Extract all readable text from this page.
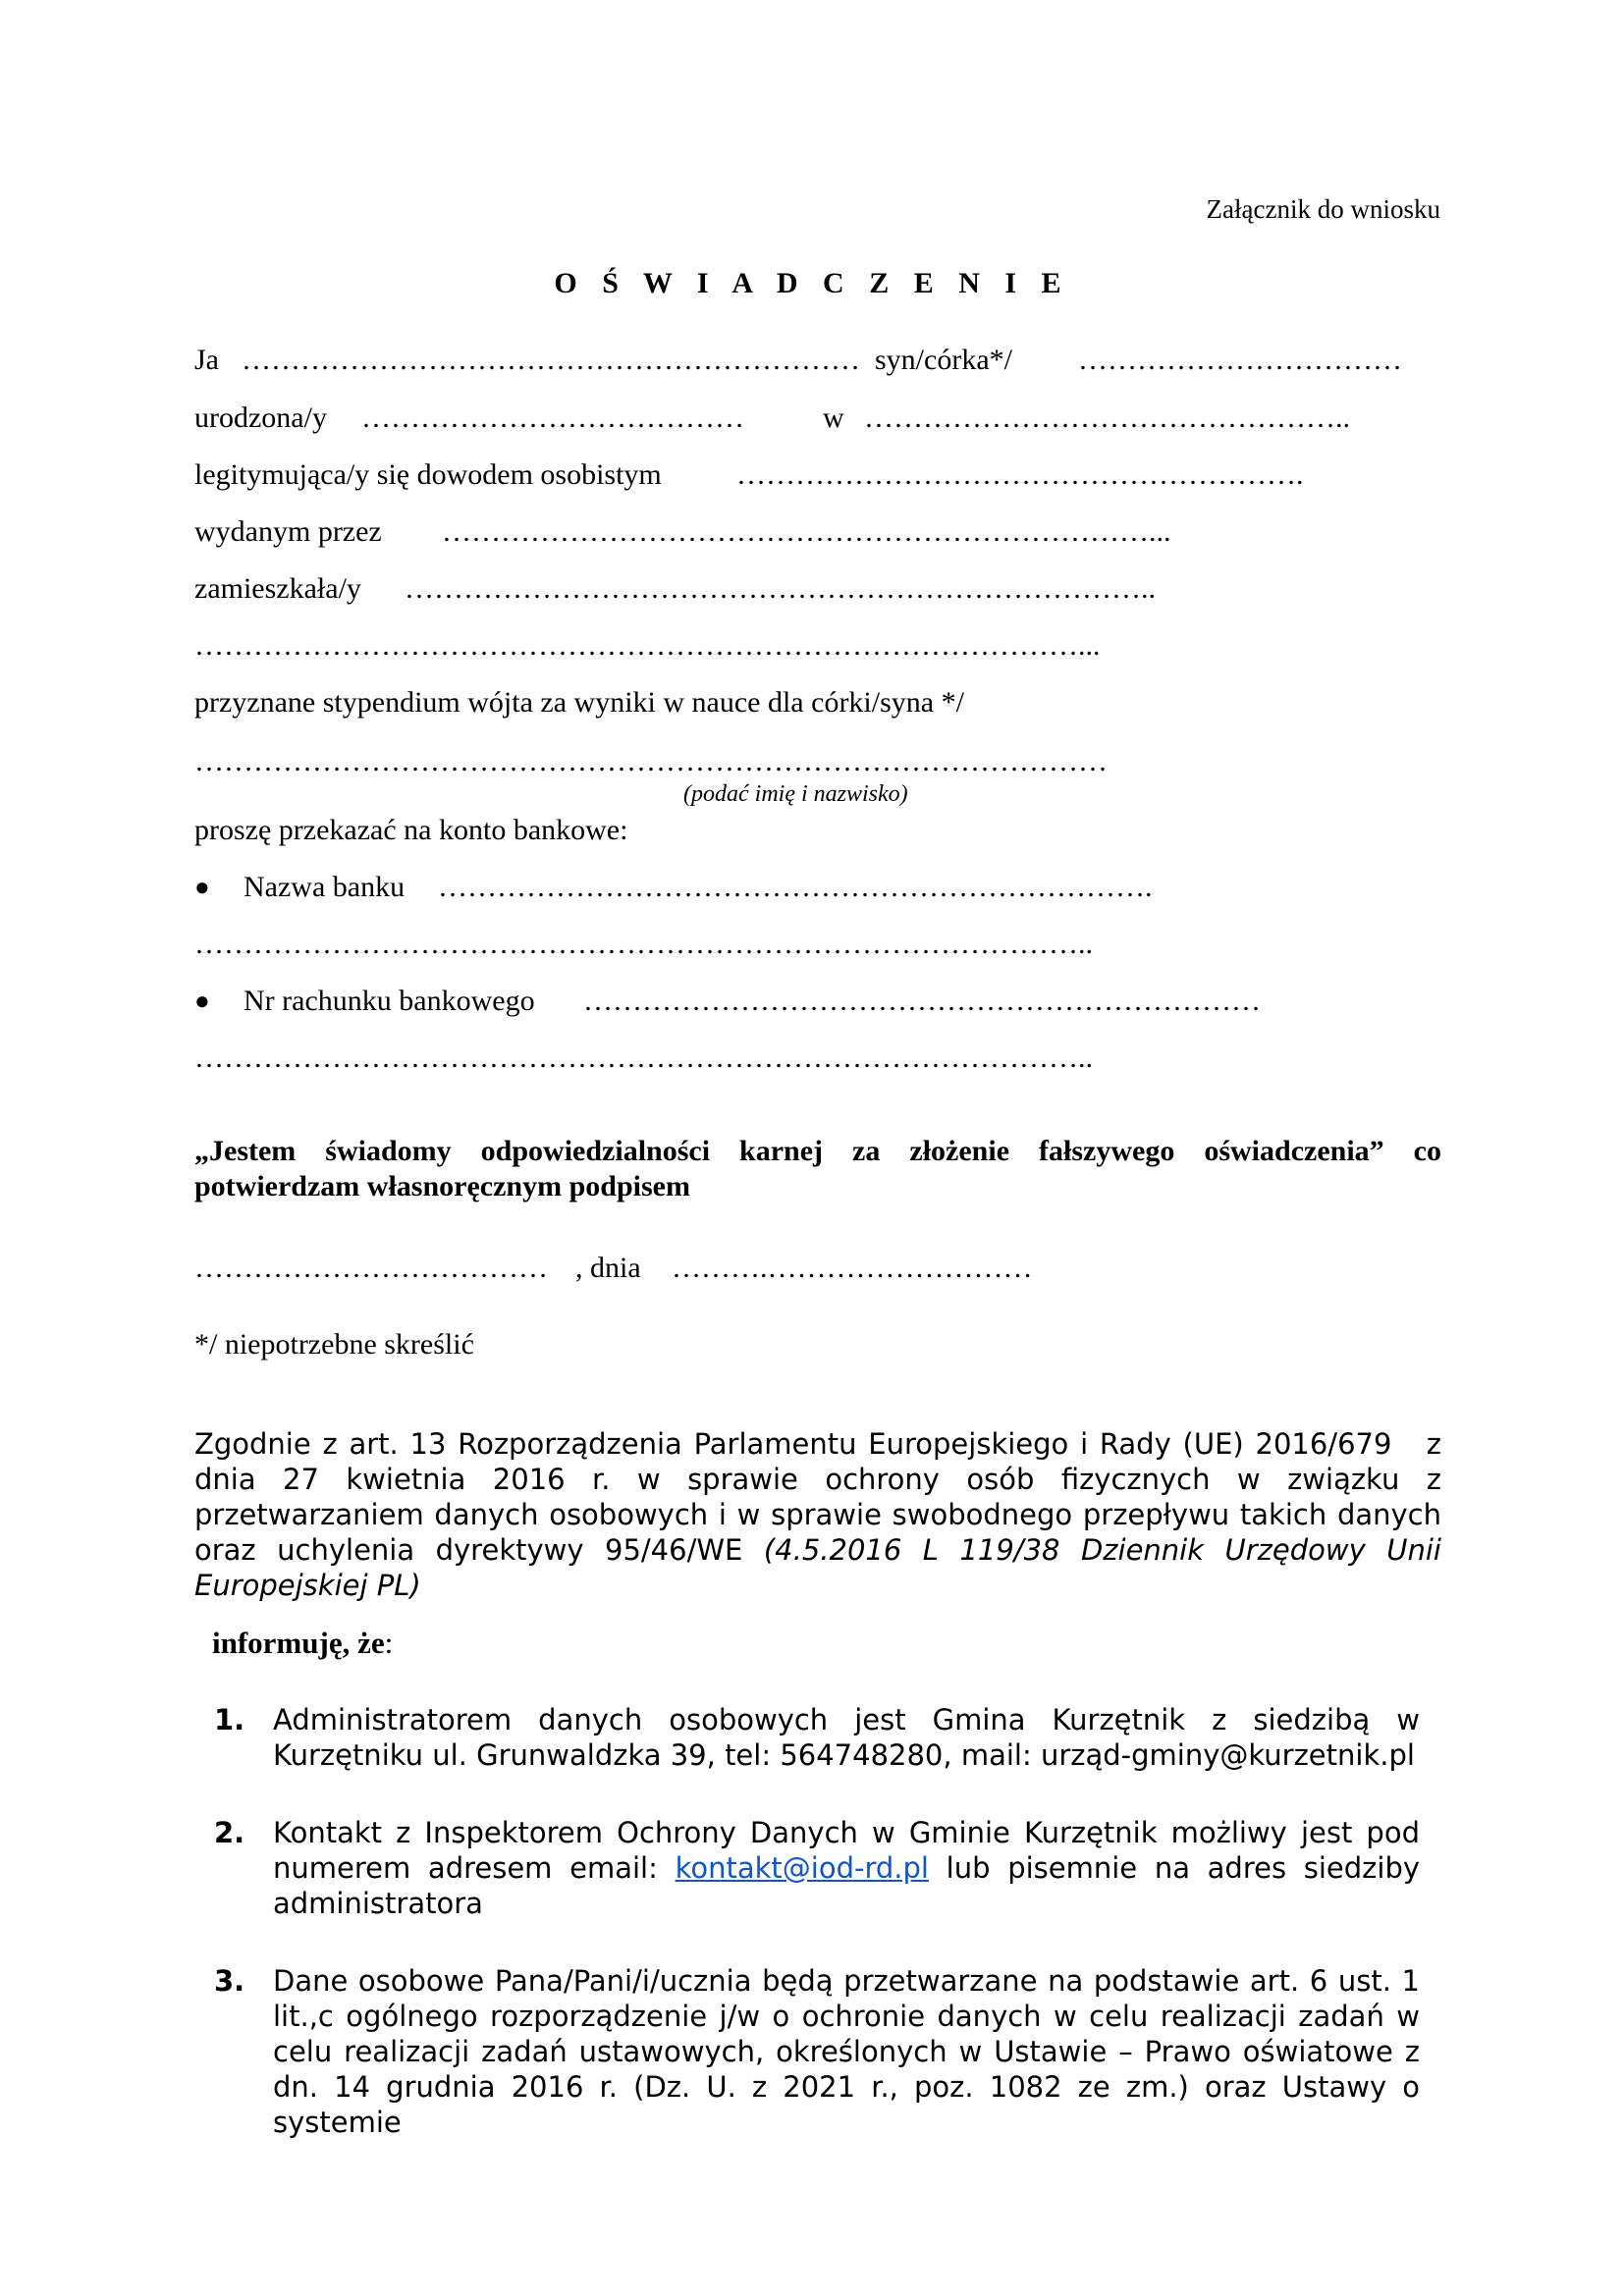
Załącznik do wniosku
O Ś W I A D C Z E N I E
Ja ……………………………………………………… syn/córka*/ ……………………………
urodzona/y …………………………………	w …………………………………………..
legitymująca/y się dowodem osobistym	………………………………………………….
wydanym przez ………………………………………………………………...
zamieszkała/y …………………………………………………………………..
………………………………………………………………………………...
przyznane stypendium wójta za wyniki w nauce dla córki/syna */
…………………………………………………………………………………
(podać imię i nazwisko)
proszę przekazać na konto bankowe:
● Nazwa banku ……………………………………………………………….
………………………………………………………………………………..
● Nr rachunku bankowego ……………………………………………………………
………………………………………………………………………………..
„Jestem świadomy odpowiedzialności karnej za złożenie fałszywego oświadczenia” co
potwierdzam własnoręcznym podpisem
……………………………… , dnia ……….………………………
*/ niepotrzebne skreślić
Zgodnie z art. 13 Rozporządzenia Parlamentu Europejskiego i Rady (UE) 2016/679   z
dnia 27 kwietnia 2016 r. w sprawie ochrony osób fizycznych w związku z
przetwarzaniem danych osobowych i w sprawie swobodnego przepływu takich danych
oraz uchylenia dyrektywy 95/46/WE (4.5.2016 L 119/38 Dziennik Urzędowy Unii
Europejskiej PL)
informuję, że:
1. Administratorem danych osobowych jest Gmina Kurzętnik z siedzibą w
Kurzętniku ul. Grunwaldzka 39, tel: 564748280, mail: urząd-gminy@kurzetnik.pl
2. Kontakt z Inspektorem Ochrony Danych w Gminie Kurzętnik możliwy jest pod
numerem adresem email: kontakt@iod-rd.pl lub pisemnie na adres siedziby
administratora
3. Dane osobowe Pana/Pani/i/ucznia będą przetwarzane na podstawie art. 6 ust. 1
lit.,c ogólnego rozporządzenie j/w o ochronie danych w celu realizacji zadań w
celu realizacji zadań ustawowych, określonych w Ustawie – Prawo oświatowe z
dn. 14 grudnia 2016 r. (Dz. U. z 2021 r., poz. 1082 ze zm.) oraz Ustawy o systemie
